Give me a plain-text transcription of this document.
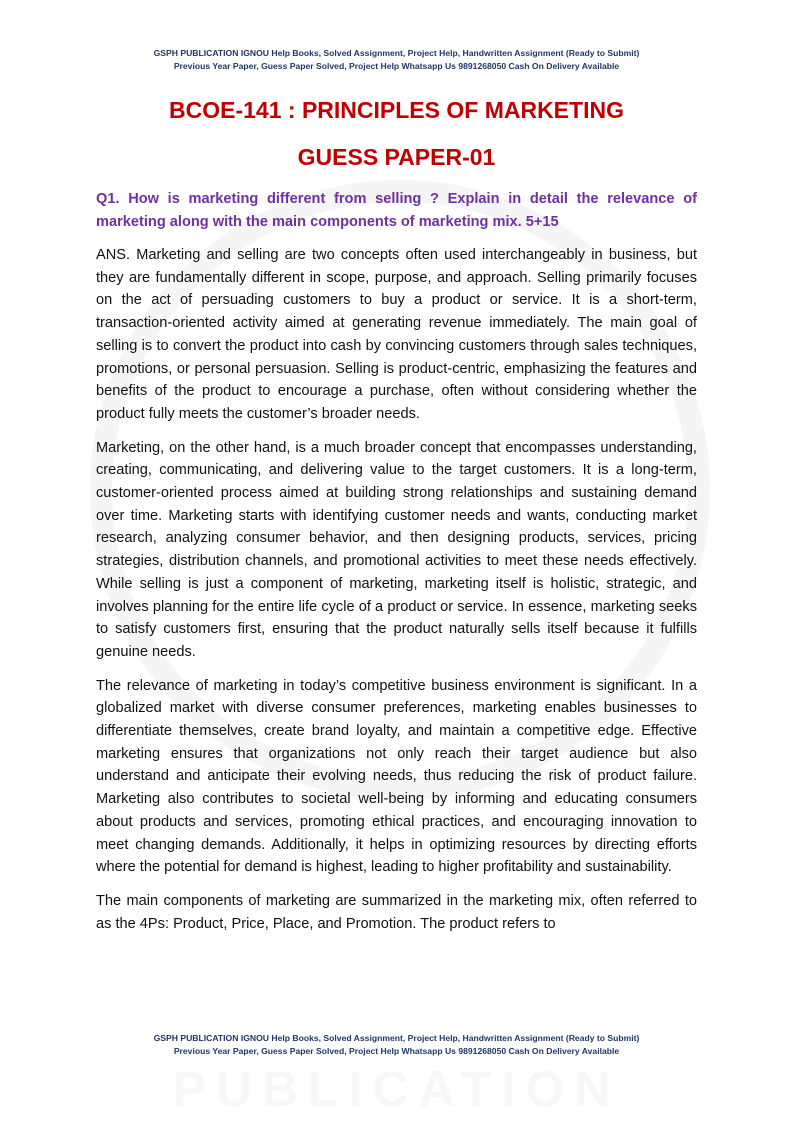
PUBLICATION
GSPH PUBLICATION IGNOU Help Books, Solved Assignment, Project Help, Handwritten Assignment (Ready to Submit)
Previous Year Paper, Guess Paper Solved, Project Help Whatsapp Us 9891268050 Cash On Delivery Available
BCOE-141 : PRINCIPLES OF MARKETING
GUESS PAPER-01
Q1. How is marketing different from selling ? Explain in detail the relevance of marketing along with the main components of marketing mix. 5+15

ANS. Marketing and selling are two concepts often used interchangeably in business, but they are fundamentally different in scope, purpose, and approach. Selling primarily focuses on the act of persuading customers to buy a product or service. It is a short-term, transaction-oriented activity aimed at generating revenue immediately. The main goal of selling is to convert the product into cash by convincing customers through sales techniques, promotions, or personal persuasion. Selling is product-centric, emphasizing the features and benefits of the product to encourage a purchase, often without considering whether the product fully meets the customer’s broader needs.

Marketing, on the other hand, is a much broader concept that encompasses understanding, creating, communicating, and delivering value to the target customers. It is a long-term, customer-oriented process aimed at building strong relationships and sustaining demand over time. Marketing starts with identifying customer needs and wants, conducting market research, analyzing consumer behavior, and then designing products, services, pricing strategies, distribution channels, and promotional activities to meet these needs effectively. While selling is just a component of marketing, marketing itself is holistic, strategic, and involves planning for the entire life cycle of a product or service. In essence, marketing seeks to satisfy customers first, ensuring that the product naturally sells itself because it fulfills genuine needs.

The relevance of marketing in today’s competitive business environment is significant. In a globalized market with diverse consumer preferences, marketing enables businesses to differentiate themselves, create brand loyalty, and maintain a competitive edge. Effective marketing ensures that organizations not only reach their target audience but also understand and anticipate their evolving needs, thus reducing the risk of product failure. Marketing also contributes to societal well-being by informing and educating consumers about products and services, promoting ethical practices, and encouraging innovation to meet changing demands. Additionally, it helps in optimizing resources by directing efforts where the potential for demand is highest, leading to higher profitability and sustainability.

The main components of marketing are summarized in the marketing mix, often referred to as the 4Ps: Product, Price, Place, and Promotion. The product refers to

GSPH PUBLICATION IGNOU Help Books, Solved Assignment, Project Help, Handwritten Assignment (Ready to Submit)
Previous Year Paper, Guess Paper Solved, Project Help Whatsapp Us 9891268050 Cash On Delivery Available
